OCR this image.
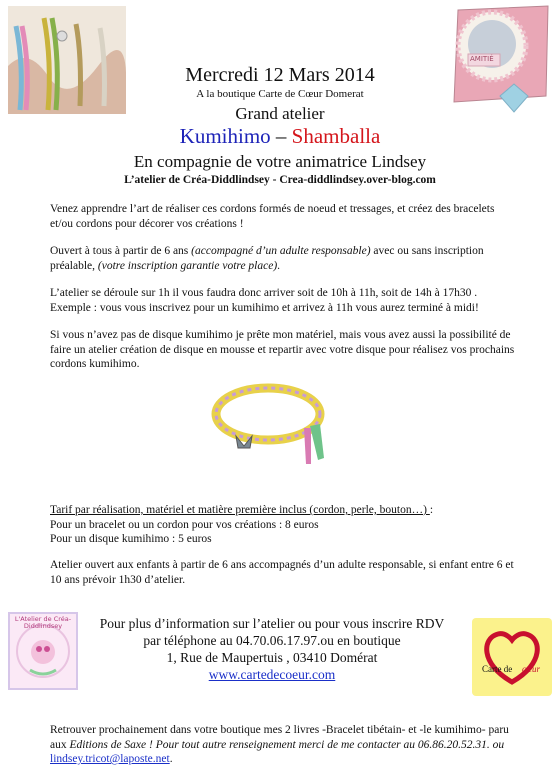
AMITIÉ
Mercredi 12 Mars 2014
A la boutique Carte de Cœur Domerat
Grand atelier
Kumihimo – Shamballa
En compagnie de votre animatrice Lindsey
L’atelier de Créa-Diddlindsey - Crea-diddlindsey.over-blog.com
Venez apprendre l’art de réaliser ces cordons formés de noeud et tressages, et créez des bracelets et/ou cordons pour décorer vos créations !
Ouvert à tous à partir de 6 ans (accompagné d’un adulte responsable) avec ou sans inscription préalable, (votre inscription garantie votre place).
L’atelier se déroule sur 1h il vous faudra donc arriver soit de 10h à 11h, soit de 14h à 17h30 .
Exemple : vous vous inscrivez pour un kumihimo et arrivez à 11h vous aurez terminé à midi!
Si vous n’avez pas de disque kumihimo je prête mon matériel, mais vous avez aussi la possibilité de faire un atelier création de disque en mousse et repartir avec votre disque pour réalisez vos prochains cordons kumihimo.
Tarif par réalisation, matériel et matière première inclus (cordon, perle, bouton…) :
Pour un bracelet ou un cordon pour vos créations : 8 euros
Pour un disque kumihimo : 5 euros
Atelier ouvert aux enfants à partir de 6 ans accompagnés d’un adulte responsable, si enfant entre 6 et 10 ans prévoir 1h30 d’atelier.
L'Atelier de Créa-Diddlindsey
Carte de cœur
Pour plus d’information sur l’atelier ou pour vous inscrire RDV
par téléphone au 04.70.06.17.97.ou en boutique
1, Rue de Maupertuis , 03410 Domérat
www.cartedecoeur.com
Retrouver prochainement dans votre boutique mes 2 livres -Bracelet tibétain- et -le kumihimo- paru aux Editions de Saxe ! Pour tout autre renseignement merci de me contacter au 06.86.20.52.31. ou lindsey.tricot@laposte.net.
